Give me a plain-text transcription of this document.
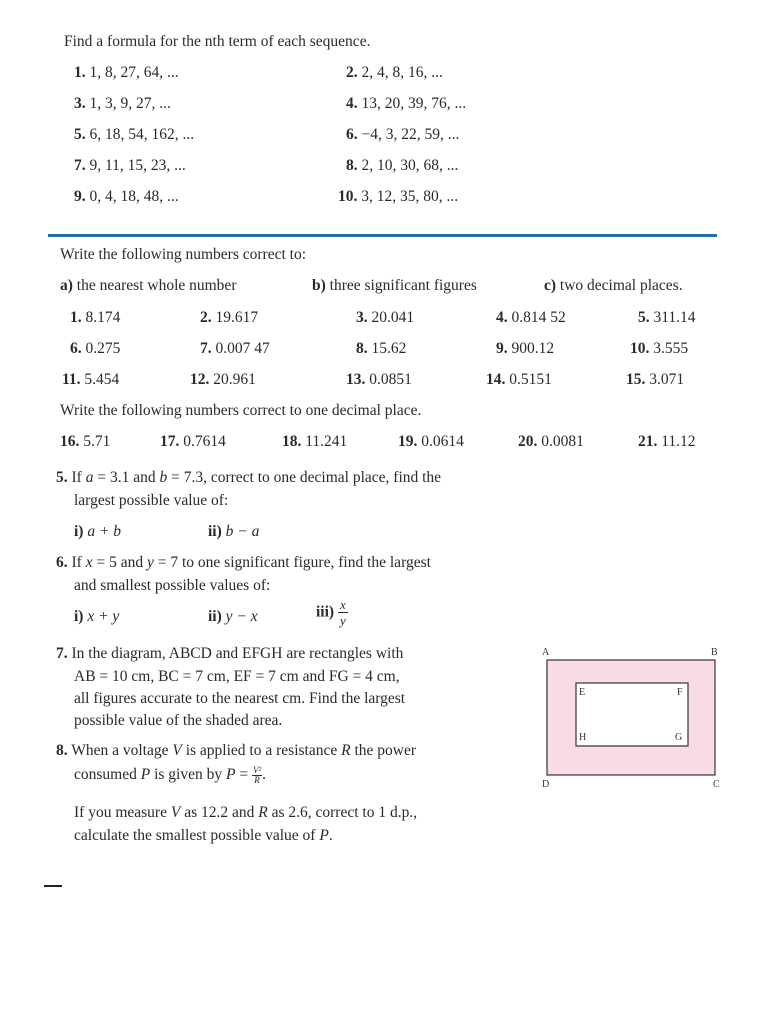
Find a formula for the nth term of each sequence.
1. 1, 8, 27, 64, ...	2. 2, 4, 8, 16, ...
3. 1, 3, 9, 27, ...	4. 13, 20, 39, 76, ...
5. 6, 18, 54, 162, ...	6. −4, 3, 22, 59, ...
7. 9, 11, 15, 23, ...	8. 2, 10, 30, 68, ...
9. 0, 4, 18, 48, ...	10. 3, 12, 35, 80, ...
Write the following numbers correct to:
a) the nearest whole number	b) three significant figures	c) two decimal places.
1. 8.174	2. 19.617	3. 20.041	4. 0.814 52	5. 311.14
6. 0.275	7. 0.007 47	8. 15.62	9. 900.12	10. 3.555
11. 5.454	12. 20.961	13. 0.0851	14. 0.5151	15. 3.071
Write the following numbers correct to one decimal place.
16. 5.71	17. 0.7614	18. 11.241	19. 0.0614	20. 0.0081	21. 11.12
5. If a = 3.1 and b = 7.3, correct to one decimal place, find the
largest possible value of:
i) a + b	ii) b − a
6. If x = 5 and y = 7 to one significant figure, find the largest
and smallest possible values of:
i) x + y	ii) y − x	$iii) \frac{x}{y}$
7. In the diagram, ABCD and EFGH are rectangles with
AB = 10 cm, BC = 7 cm, EF = 7 cm and FG = 4 cm,
all figures accurate to the nearest cm. Find the largest
possible value of the shaded area.
A	B
C
D
E	F
G
H
8. When a voltage V is applied to a resistance R the power
consumed P is given by $P = \frac{\text{V²}}{R}$ .
If you measure V as 12.2 and R as 2.6, correct to 1 d.p.,
calculate the smallest possible value of P.
